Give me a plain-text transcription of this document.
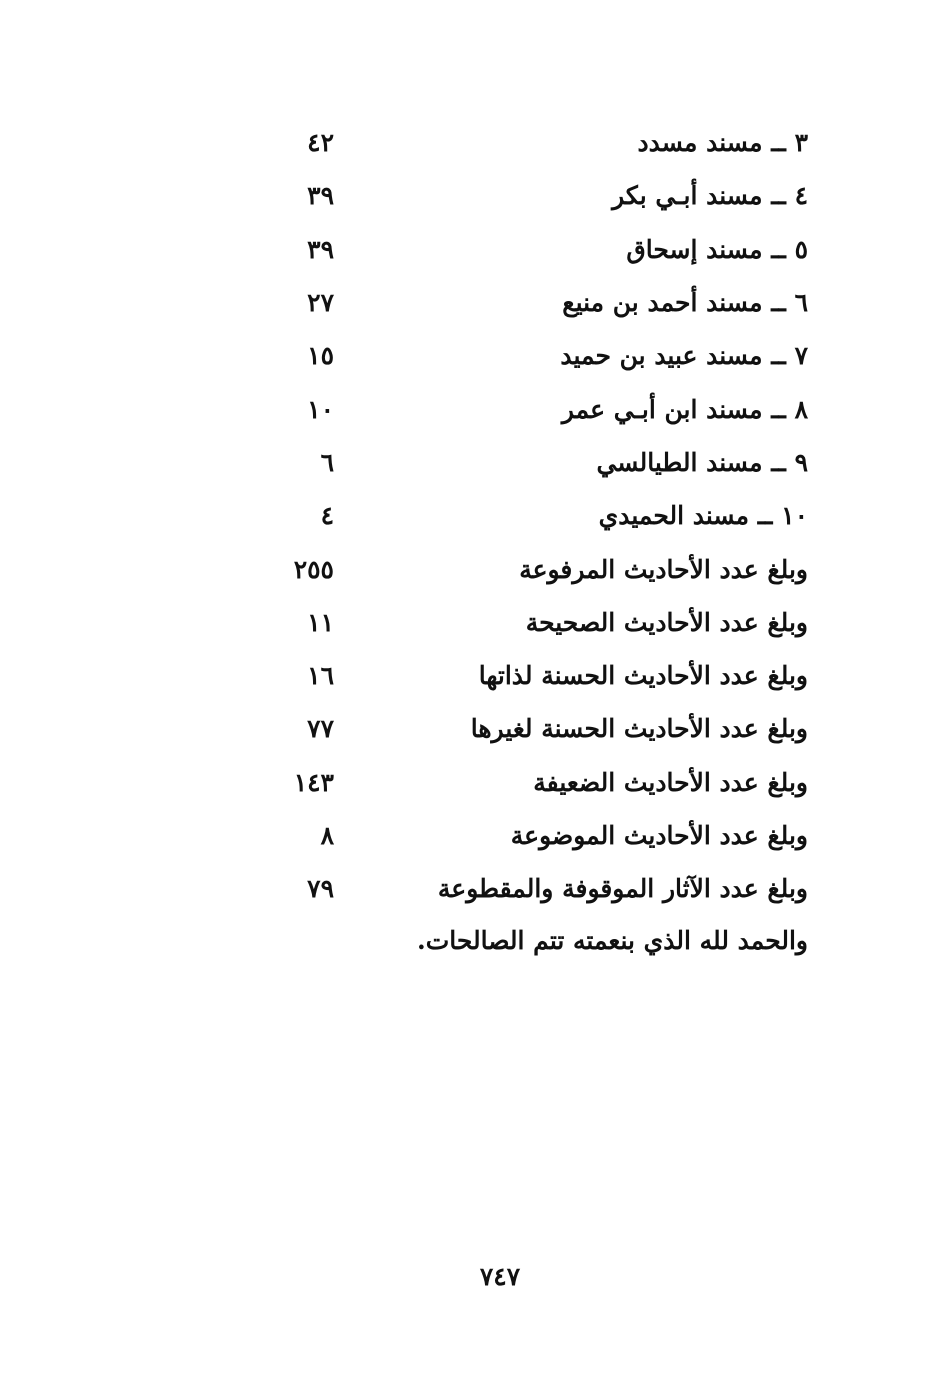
٣ ــ مسند مسدد
٤٢
٤ ــ مسند أبـي بكر
٣٩
٥ ــ مسند إسحاق
٣٩
٦ ــ مسند أحمد بن منيع
٢٧
٧ ــ مسند عبيد بن حميد
١٥
٨ ــ مسند ابن أبـي عمر
١٠
٩ ــ مسند الطيالسي
٦
١٠ ــ مسند الحميدي
٤
وبلغ عدد الأحاديث المرفوعة
٢٥٥
وبلغ عدد الأحاديث الصحيحة
١١
وبلغ عدد الأحاديث الحسنة لذاتها
١٦
وبلغ عدد الأحاديث الحسنة لغيرها
٧٧
وبلغ عدد الأحاديث الضعيفة
١٤٣
وبلغ عدد الأحاديث الموضوعة
٨
وبلغ عدد الآثار الموقوفة والمقطوعة
٧٩
والحمد لله الذي بنعمته تتم الصالحات.
٧٤٧
